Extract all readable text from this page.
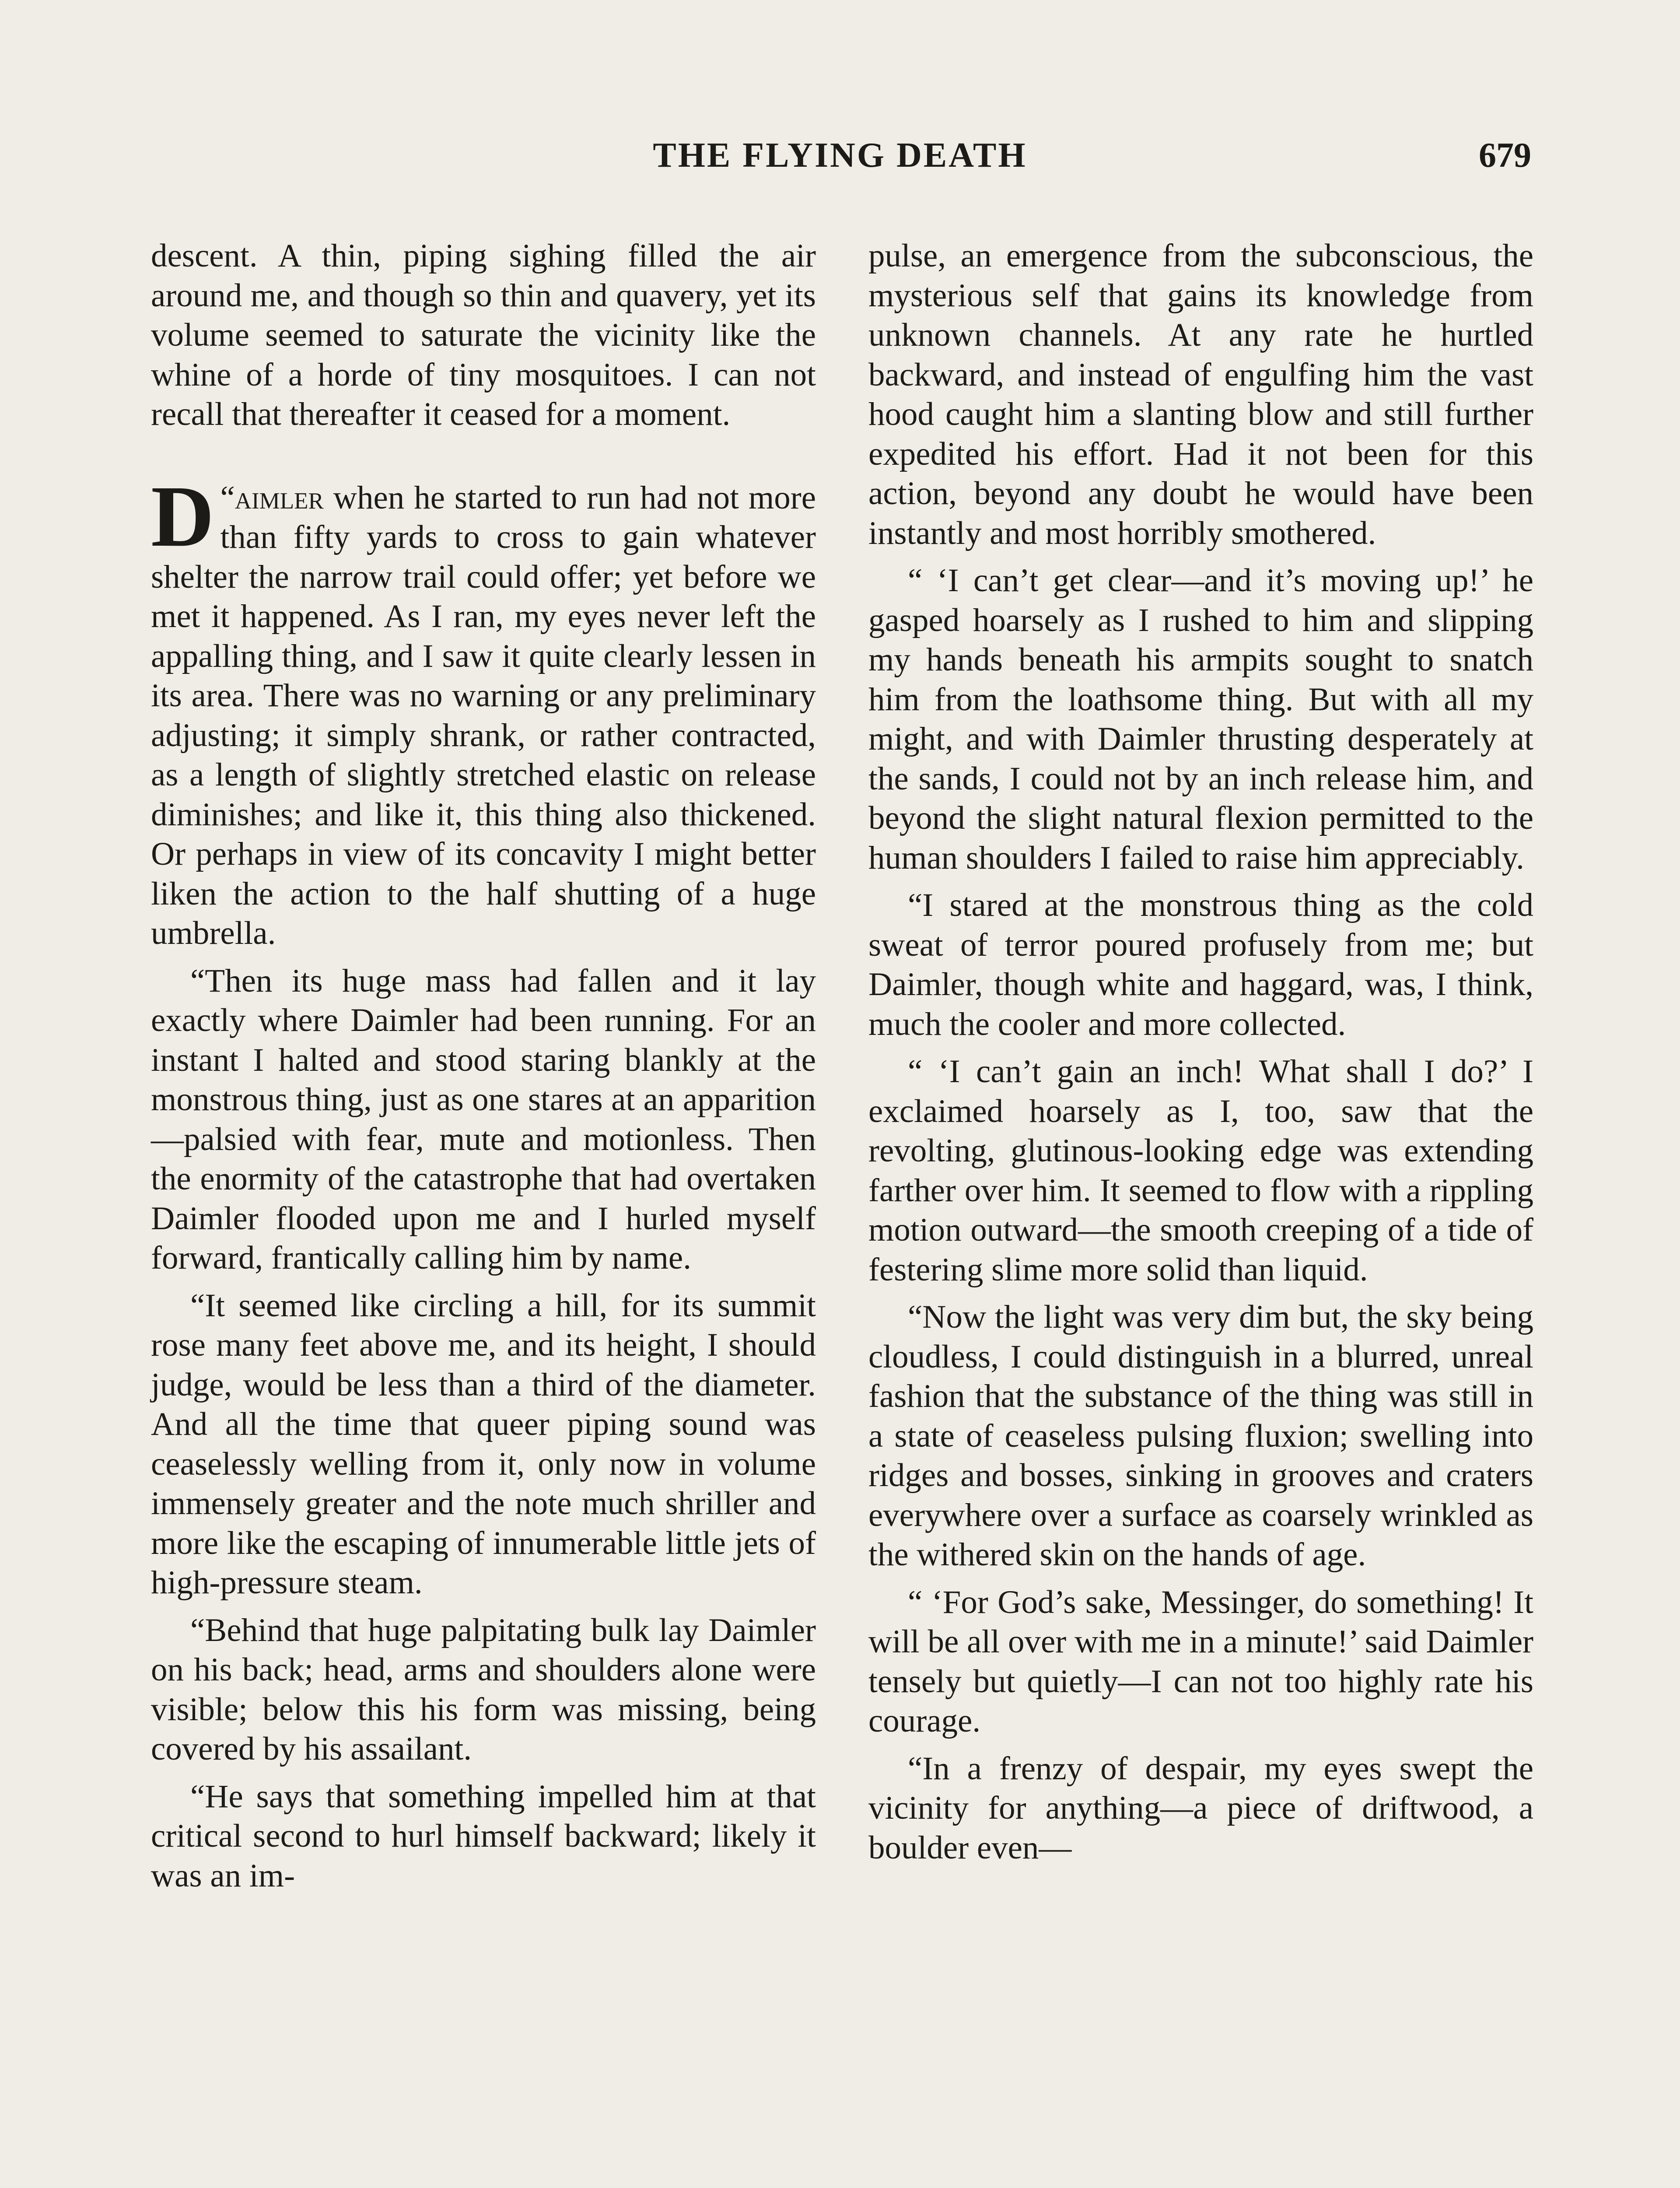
THE FLYING DEATH	679

descent. A thin, piping sighing filled the air around me, and though so thin and quavery, yet its volume seemed to saturate the vicinity like the whine of a horde of tiny mosquitoes. I can not recall that thereafter it ceased for a moment.

“
D aimler when he started to run had not more than fifty yards to cross to gain whatever shelter the narrow trail could offer; yet before we met it happened. As I ran, my eyes never left the appalling thing, and I saw it quite clearly lessen in its area. There was no warning or any preliminary adjusting; it simply shrank, or rather contracted, as a length of slightly stretched elastic on release diminishes; and like it, this thing also thickened. Or perhaps in view of its concavity I might better liken the action to the half shutting of a huge umbrella.

“Then its huge mass had fallen and it lay exactly where Daimler had been running. For an instant I halted and stood staring blankly at the monstrous thing, just as one stares at an apparition—palsied with fear, mute and motionless. Then the enormity of the catastrophe that had overtaken Daimler flooded upon me and I hurled myself forward, frantically calling him by name.

“It seemed like circling a hill, for its summit rose many feet above me, and its height, I should judge, would be less than a third of the diameter. And all the time that queer piping sound was ceaselessly welling from it, only now in volume immensely greater and the note much shriller and more like the escaping of innumerable little jets of high-pressure steam.

“Behind that huge palpitating bulk lay Daimler on his back; head, arms and shoulders alone were visible; below this his form was missing, being covered by his assailant.

“He says that something impelled him at that critical second to hurl himself backward; likely it was an im-

pulse, an emergence from the subconscious, the mysterious self that gains its knowledge from unknown channels. At any rate he hurtled backward, and instead of engulfing him the vast hood caught him a slanting blow and still further expedited his effort. Had it not been for this action, beyond any doubt he would have been instantly and most horribly smothered.

“ ‘I can’t get clear—and it’s moving up!’ he gasped hoarsely as I rushed to him and slipping my hands beneath his armpits sought to snatch him from the loathsome thing. But with all my might, and with Daimler thrusting desperately at the sands, I could not by an inch release him, and beyond the slight natural flexion permitted to the human shoulders I failed to raise him appreciably.

“I stared at the monstrous thing as the cold sweat of terror poured profusely from me; but Daimler, though white and haggard, was, I think, much the cooler and more collected.

“ ‘I can’t gain an inch! What shall I do?’ I exclaimed hoarsely as I, too, saw that the revolting, glutinous-looking edge was extending farther over him. It seemed to flow with a rippling motion outward—the smooth creeping of a tide of festering slime more solid than liquid.

“Now the light was very dim but, the sky being cloudless, I could distinguish in a blurred, unreal fashion that the substance of the thing was still in a state of ceaseless pulsing fluxion; swelling into ridges and bosses, sinking in grooves and craters everywhere over a surface as coarsely wrinkled as the withered skin on the hands of age.

“ ‘For God’s sake, Messinger, do something! It will be all over with me in a minute!’ said Daimler tensely but quietly—I can not too highly rate his courage.

“In a frenzy of despair, my eyes swept the vicinity for anything—a piece of driftwood, a boulder even—
